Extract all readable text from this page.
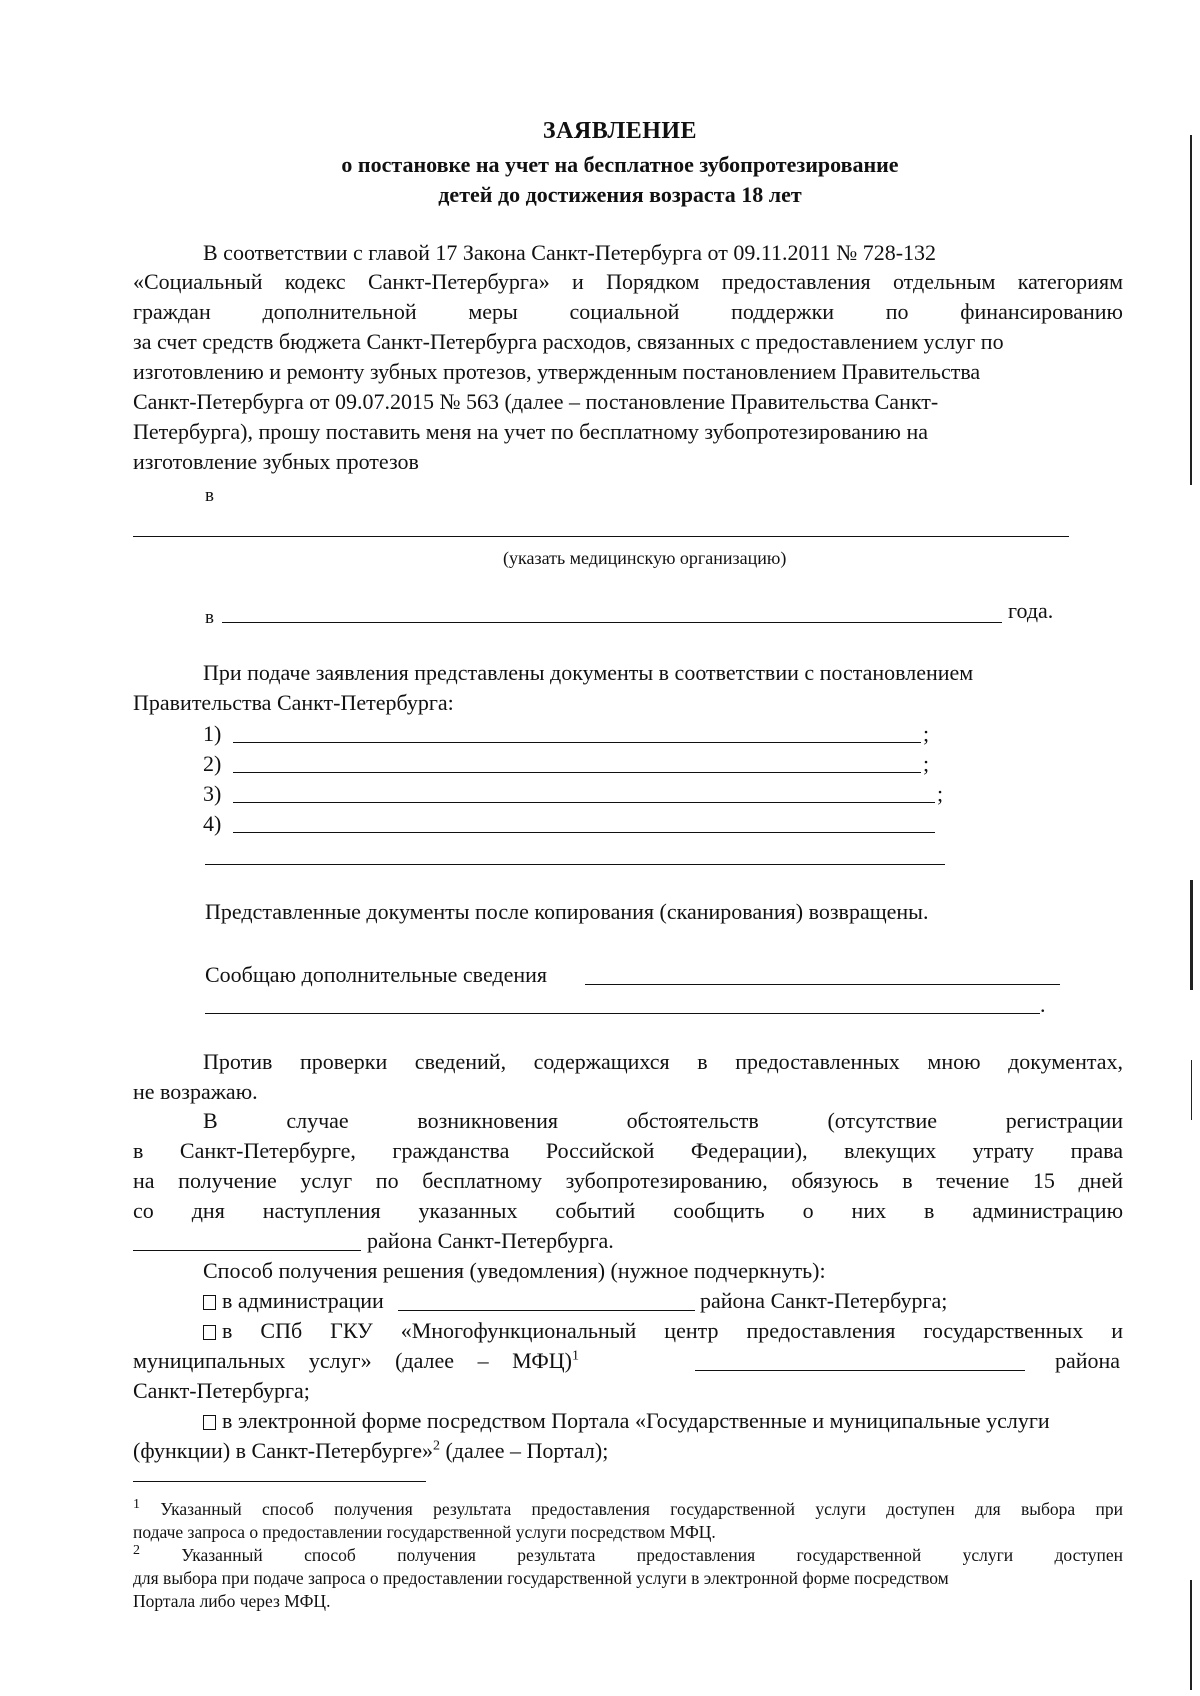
ЗАЯВЛЕНИЕ
о постановке на учет на бесплатное зубопротезирование
детей до достижения возраста 18 лет
В соответствии с главой 17 Закона Санкт-Петербурга от 09.11.2011 № 728-132
«Социальный кодекс Санкт-Петербурга» и Порядком предоставления отдельным категориям
граждан дополнительной меры социальной поддержки по финансированию
за счет средств бюджета Санкт-Петербурга расходов, связанных с предоставлением услуг по
изготовлению и ремонту зубных протезов, утвержденным постановлением Правительства
Санкт-Петербурга от 09.07.2015 № 563 (далее – постановление Правительства Санкт-
Петербурга), прошу поставить меня на учет по бесплатному зубопротезированию на
изготовление зубных протезов
в
(указать медицинскую организацию)
в	года.
При подаче заявления представлены документы в соответствии с постановлением
Правительства Санкт-Петербурга:
1)	;
2)	;
3)	;
4)
Представленные документы после копирования (сканирования) возвращены.
Сообщаю дополнительные сведения
.
Против проверки сведений, содержащихся в предоставленных мною документах,
не возражаю.
В случае возникновения обстоятельств (отсутствие регистрации
в Санкт-Петербурге, гражданства Российской Федерации), влекущих утрату права
на получение услуг по бесплатному зубопротезированию, обязуюсь в течение 15 дней
со дня наступления указанных событий сообщить о них в администрацию
района Санкт-Петербурга.
Способ получения решения (уведомления) (нужное подчеркнуть):
в администрации	района Санкт-Петербурга;
в СПб ГКУ «Многофункциональный центр предоставления государственных и
муниципальных услуг» (далее – МФЦ)$^1$	района
Санкт-Петербурга;
в электронной форме посредством Портала «Государственные и муниципальные услуги
(функции) в Санкт-Петербурге»$^2$ (далее – Портал);
$^1$ Указанный способ получения результата предоставления государственной услуги доступен для выбора при
подаче запроса о предоставлении государственной услуги посредством МФЦ.
$^2$ Указанный способ получения результата предоставления государственной услуги доступен
для выбора при подаче запроса о предоставлении государственной услуги в электронной форме посредством
Портала либо через МФЦ.
